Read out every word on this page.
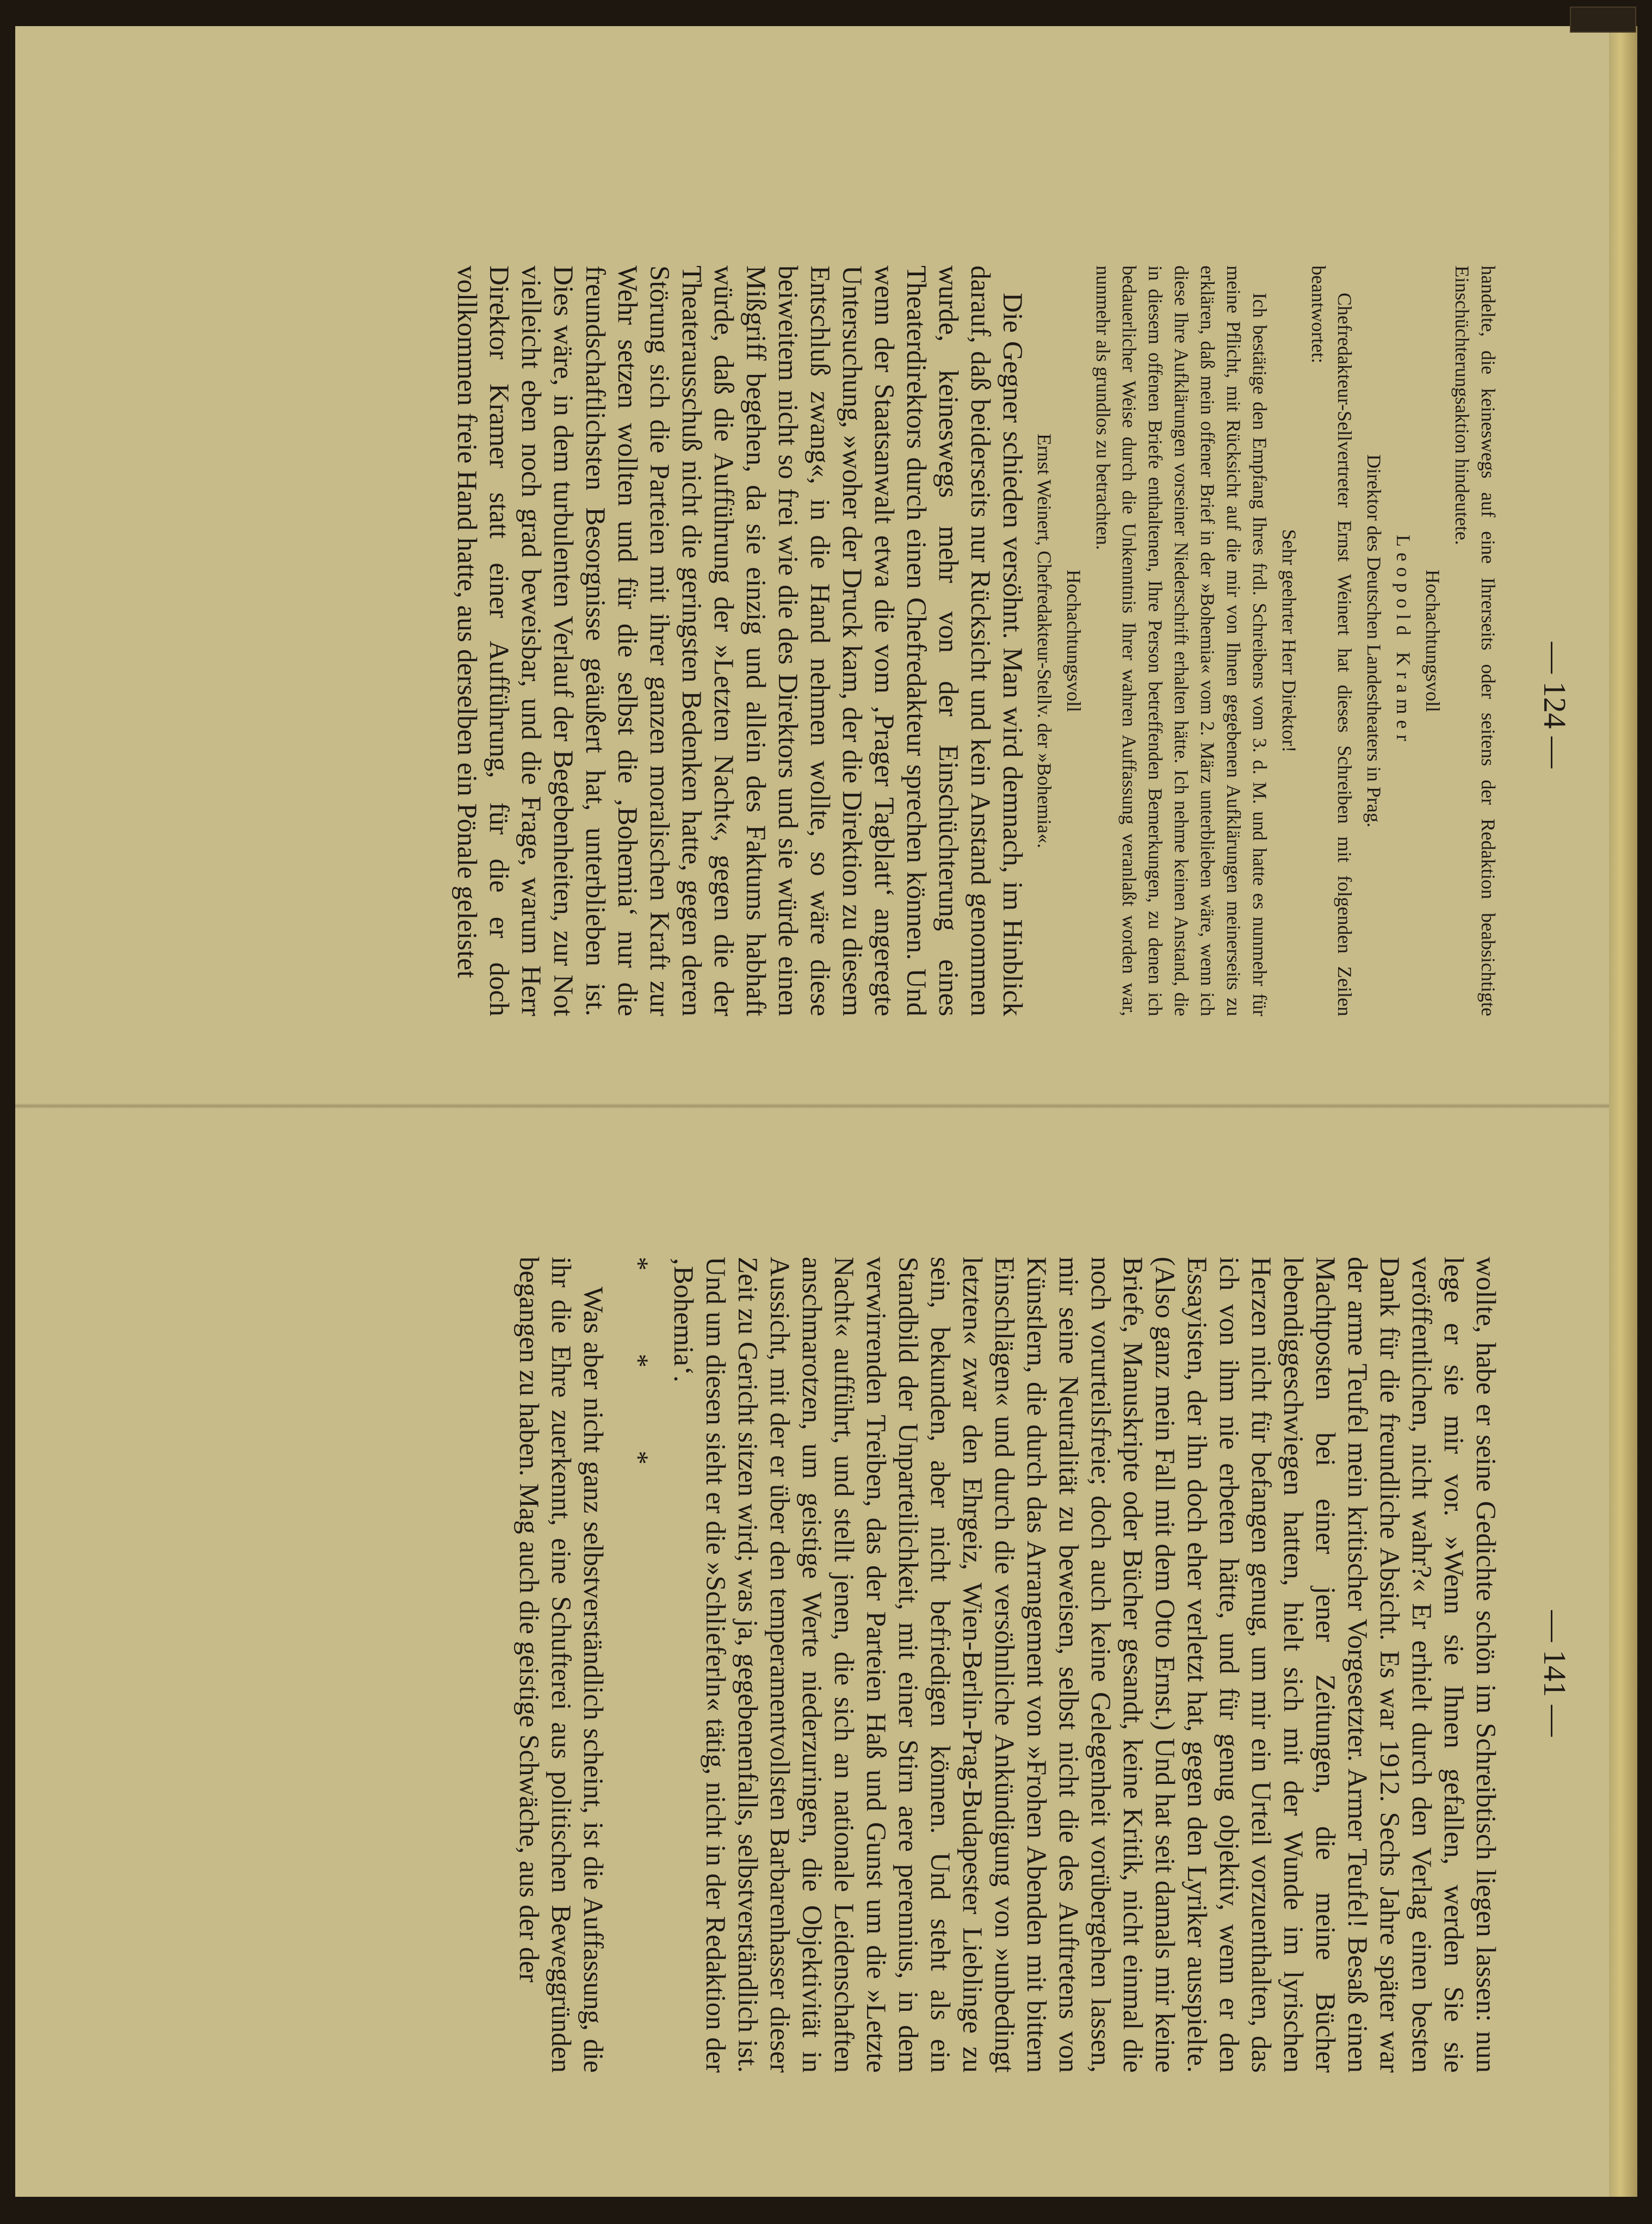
— 124 —
— 141 —

handelte, die keineswegs auf eine Ihrerseits oder seitens der Redaktion beabsichtigte Einschüchterungsaktion hindeutete.

Hochachtungsvoll

Leopold Kramer

Direktor des Deutschen Landestheaters in Prag.

Chefredakteur-Sellvertreter Ernst Weinert hat dieses Schreiben mit folgenden Zeilen beantwortet:

Sehr geehrter Herr Direktor!

Ich bestätige den Empfang Ihres frdl. Schreibens vom 3. d. M. und hatte es nunmehr für meine Pflicht, mit Rücksicht auf die mir von Ihnen gegebenen Aufklärungen meinerseits zu erklären, daß mein offener Brief in der »Bohemia« vom 2. März unterblieben wäre, wenn ich diese Ihre Aufklärungen vorseiner Niederschrift erhalten hätte. Ich nehme keinen Anstand, die in diesem offenen Briefe enthaltenen, Ihre Person betreffenden Bemerkungen, zu denen ich bedauerlicher Weise durch die Unkenntnis Ihrer wahren Auffassung veranlaßt worden war, nunmehr als grundlos zu betrachten.

Hochachtungsvoll

Ernst Weinert, Chefredakteur-Stellv. der »Bohemia«.

Die Gegner schieden versöhnt. Man wird demnach, im Hinblick darauf, daß beiderseits nur Rücksicht und kein Anstand genommen wurde, keineswegs mehr von der Einschüchterung eines Theaterdirektors durch einen Chefredakteur sprechen können. Und wenn der Staatsanwalt etwa die vom ‚Prager Tagblatt‘ angeregte Untersuchung, »woher der Druck kam, der die Direktion zu diesem Entschluß zwang«, in die Hand nehmen wollte, so wäre diese beiweitem nicht so frei wie die des Direktors und sie würde einen Mißgriff begehen, da sie einzig und allein des Faktums habhaft würde, daß die Aufführung der »Letzten Nacht«, gegen die der Theaterausschuß nicht die geringsten Bedenken hatte, gegen deren Störung sich die Parteien mit ihrer ganzen moralischen Kraft zur Wehr setzen wollten und für die selbst die ‚Bohemia‘ nur die freundschaftlichsten Besorgnisse geäußert hat, unterblieben ist. Dies wäre, in dem turbulenten Verlauf der Begebenheiten, zur Not vielleicht eben noch grad beweisbar, und die Frage, warum Herr Direktor Kramer statt einer Aufführung, für die er doch vollkommen freie Hand hatte, aus derselben ein Pönale geleistet

wollte, habe er seine Gedichte schön im Schreibtisch liegen lassen: nun lege er sie mir vor. »Wenn sie Ihnen gefallen, werden Sie sie veröffentlichen, nicht wahr?« Er erhielt durch den Verlag einen besten Dank für die freundliche Absicht. Es war 1912. Sechs Jahre später war der arme Teufel mein kritischer Vorgesetzter. Armer Teufel! Besaß einen Machtposten bei einer jener Zeitungen, die meine Bücher lebendiggeschwiegen hatten, hielt sich mit der Wunde im lyrischen Herzen nicht für befangen genug, um mir ein Urteil vorzuenthalten, das ich von ihm nie erbeten hätte, und für genug objektiv, wenn er den Essayisten, der ihn doch eher verletzt hat, gegen den Lyriker ausspielte. (Also ganz mein Fall mit dem Otto Ernst.) Und hat seit damals mir keine Briefe, Manuskripte oder Bücher gesandt, keine Kritik, nicht einmal die noch vorurteilsfreie; doch auch keine Gelegenheit vorübergehen lassen, mir seine Neutralität zu beweisen, selbst nicht die des Auftretens von Künstlern, die durch das Arrangement von »Frohen Abenden mit bittern Einschlägen« und durch die versöhnliche Ankündigung von »unbedingt letzten« zwar den Ehrgeiz, Wien-Berlin-Prag-Budapester Lieblinge zu sein, bekunden, aber nicht befriedigen können. Und steht als ein Standbild der Unparteilichkeit, mit einer Stirn aere perennius, in dem verwirrenden Treiben, das der Parteien Haß und Gunst um die »Letzte Nacht« aufführt, und stellt jenen, die sich an nationale Leidenschaften anschmarotzen, um geistige Werte niederzuringen, die Objektivität in Aussicht, mit der er über den temperamentvollsten Barbarenhasser dieser Zeit zu Gericht sitzen wird; was ja, gegebenenfalls, selbstverständlich ist. Und um diesen sieht er die »Schlieferln« tätig, nicht in der Redaktion der ‚Bohemia‘.

* * *

Was aber nicht ganz selbstverständlich scheint, ist die Auffassung, die ihr die Ehre zuerkennt, eine Schufterei aus politischen Beweggründen begangen zu haben. Mag auch die geistige Schwäche, aus der der
